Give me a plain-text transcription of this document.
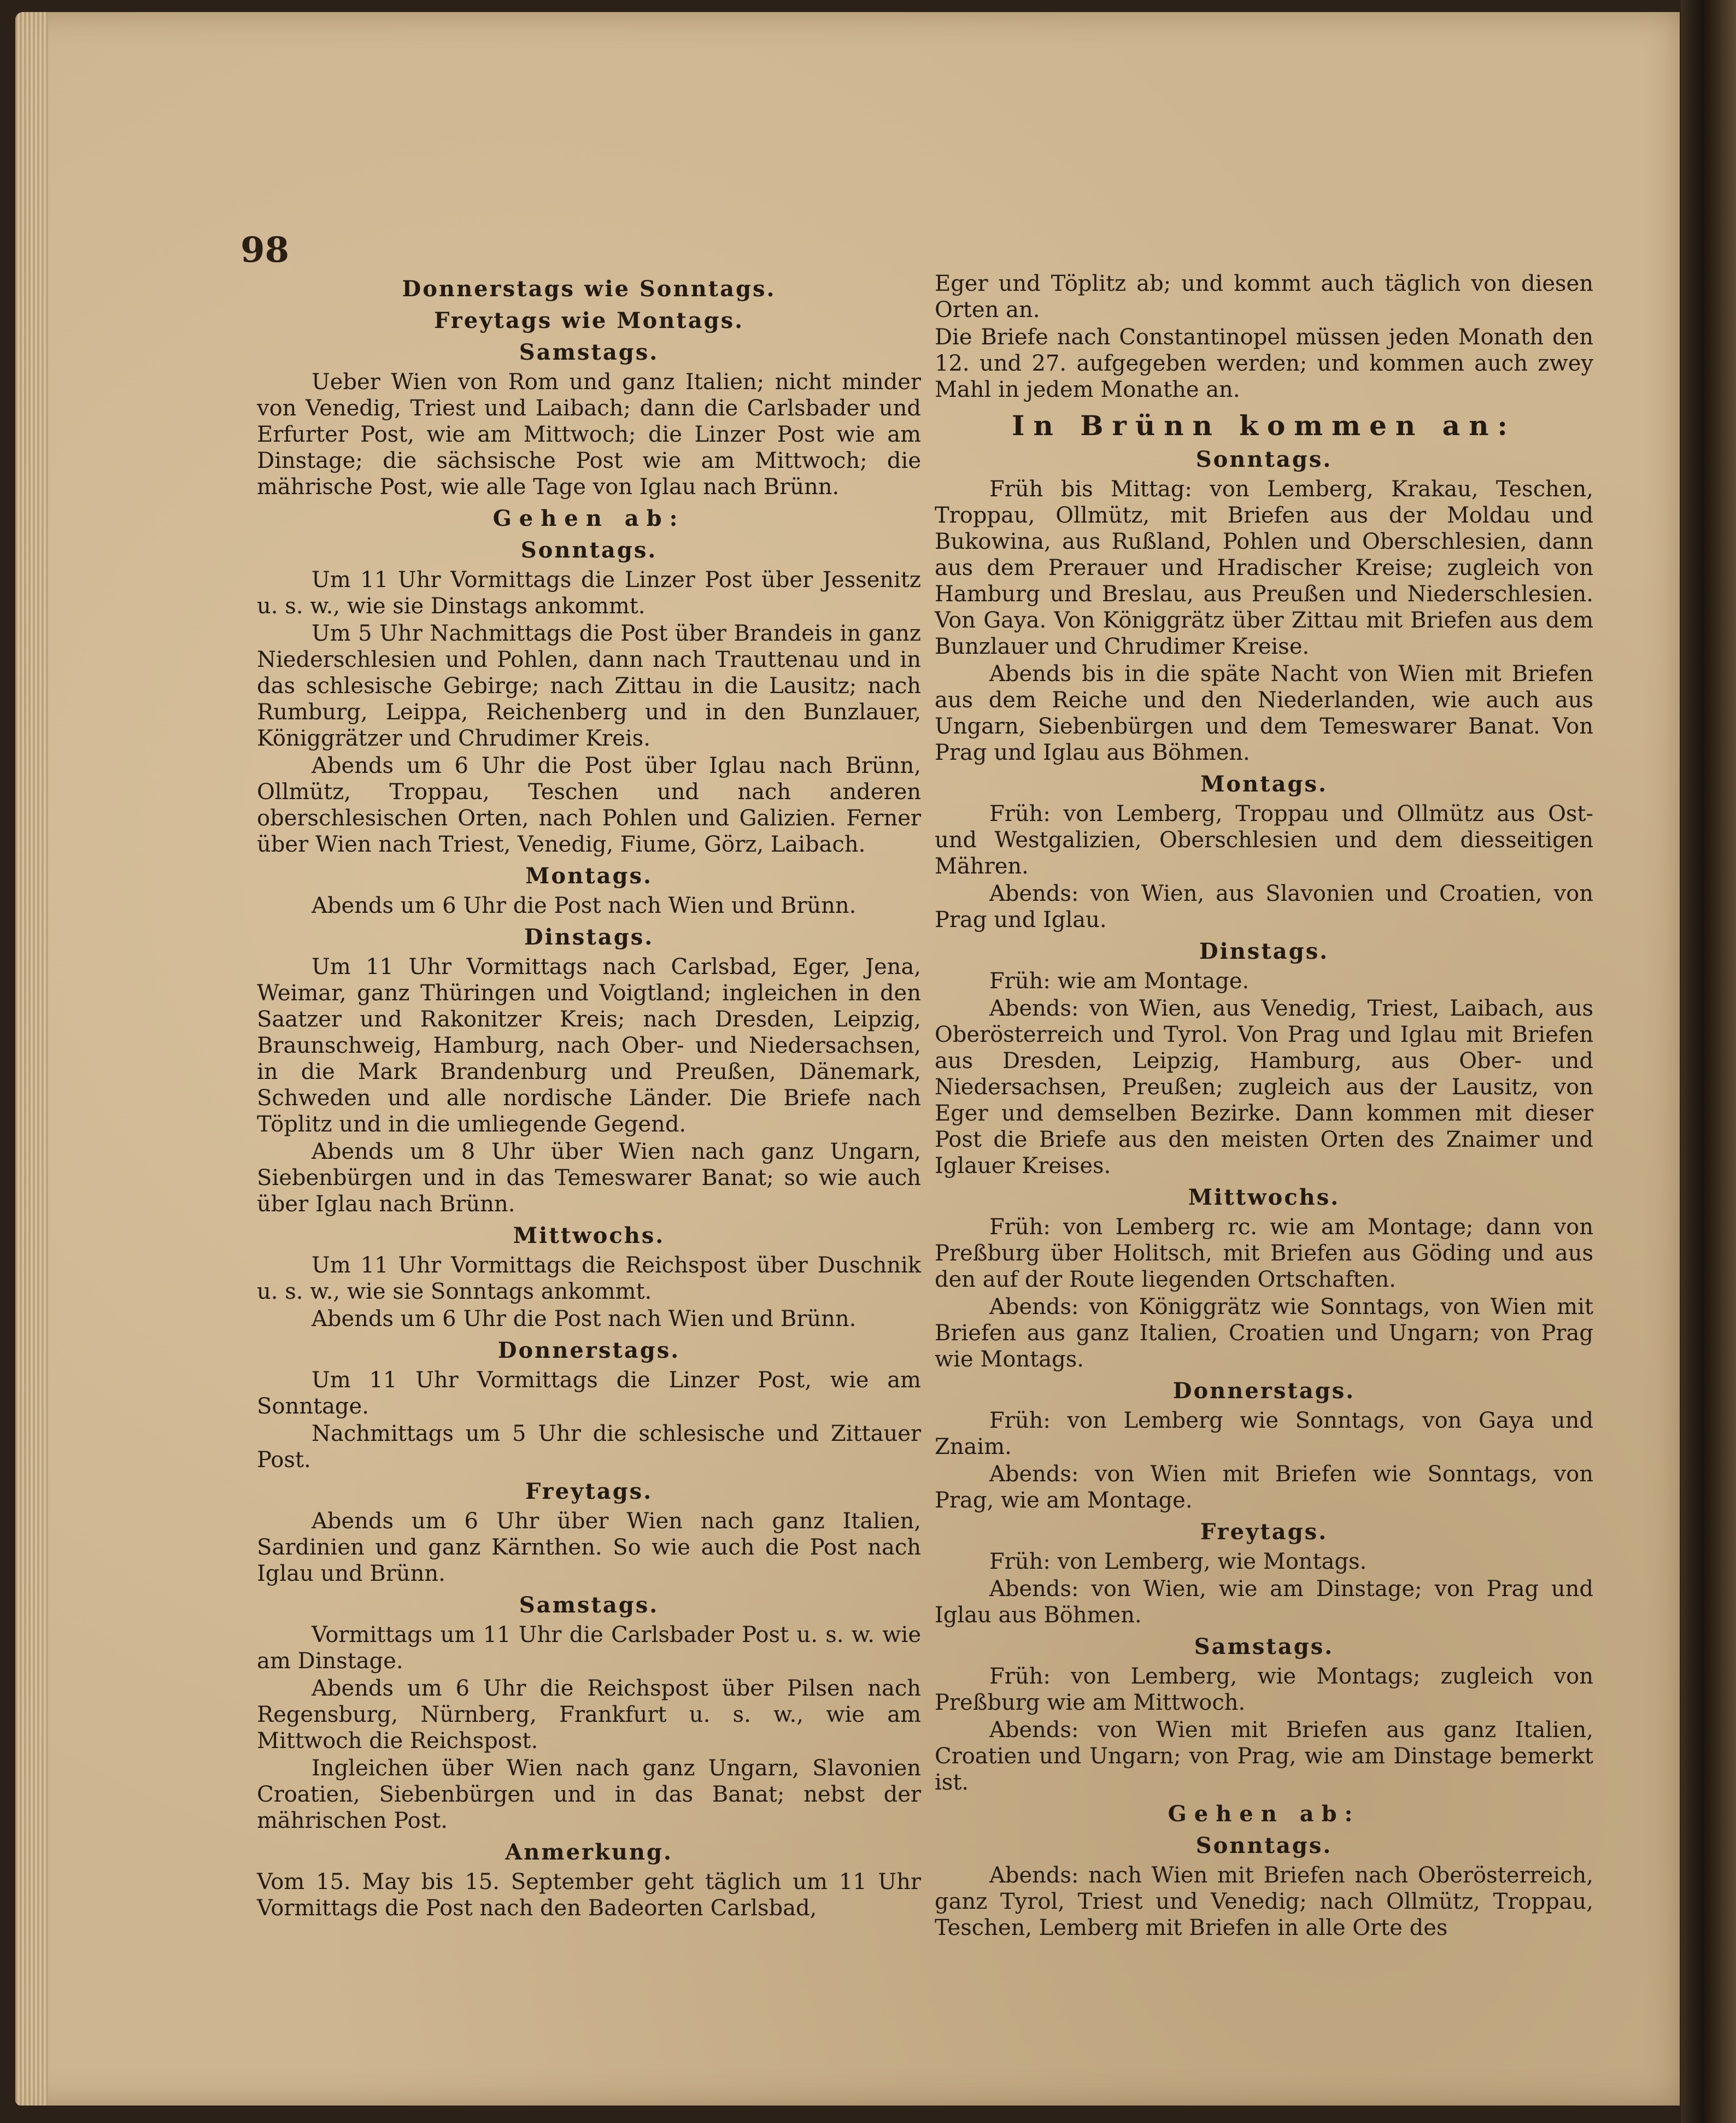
98
Donnerstags wie Sonntags.
Freytags wie Montags.
Samstags.
Ueber Wien von Rom und ganz Italien; nicht minder von Venedig, Triest und Laibach; dann die Carlsbader und Erfurter Post, wie am Mittwoch; die Linzer Post wie am Dinstage; die sächsische Post wie am Mittwoch; die mährische Post, wie alle Tage von Iglau nach Brünn.
Gehen ab:
Sonntags.
Um 11 Uhr Vormittags die Linzer Post über Jessenitz u. s. w., wie sie Dinstags ankommt.
Um 5 Uhr Nachmittags die Post über Brandeis in ganz Niederschlesien und Pohlen, dann nach Trauttenau und in das schlesische Gebirge; nach Zittau in die Lausitz; nach Rumburg, Leippa, Reichenberg und in den Bunzlauer, Königgrätzer und Chrudimer Kreis.
Abends um 6 Uhr die Post über Iglau nach Brünn, Ollmütz, Troppau, Teschen und nach anderen oberschlesischen Orten, nach Pohlen und Galizien. Ferner über Wien nach Triest, Venedig, Fiume, Görz, Laibach.
Montags.
Abends um 6 Uhr die Post nach Wien und Brünn.
Dinstags.
Um 11 Uhr Vormittags nach Carlsbad, Eger, Jena, Weimar, ganz Thüringen und Voigtland; ingleichen in den Saatzer und Rakonitzer Kreis; nach Dresden, Leipzig, Braunschweig, Hamburg, nach Ober- und Niedersachsen, in die Mark Brandenburg und Preußen, Dänemark, Schweden und alle nordische Länder. Die Briefe nach Töplitz und in die umliegende Gegend.
Abends um 8 Uhr über Wien nach ganz Ungarn, Siebenbürgen und in das Temeswarer Banat; so wie auch über Iglau nach Brünn.
Mittwochs.
Um 11 Uhr Vormittags die Reichspost über Duschnik u. s. w., wie sie Sonntags ankommt.
Abends um 6 Uhr die Post nach Wien und Brünn.
Donnerstags.
Um 11 Uhr Vormittags die Linzer Post, wie am Sonntage.
Nachmittags um 5 Uhr die schlesische und Zittauer Post.
Freytags.
Abends um 6 Uhr über Wien nach ganz Italien, Sardinien und ganz Kärnthen. So wie auch die Post nach Iglau und Brünn.
Samstags.
Vormittags um 11 Uhr die Carlsbader Post u. s. w. wie am Dinstage.
Abends um 6 Uhr die Reichspost über Pilsen nach Regensburg, Nürnberg, Frankfurt u. s. w., wie am Mittwoch die Reichspost.
Ingleichen über Wien nach ganz Ungarn, Slavonien Croatien, Siebenbürgen und in das Banat; nebst der mährischen Post.
Anmerkung.
Vom 15. May bis 15. September geht täglich um 11 Uhr Vormittags die Post nach den Badeorten Carlsbad,
Eger und Töplitz ab; und kommt auch täglich von diesen Orten an.
Die Briefe nach Constantinopel müssen jeden Monath den 12. und 27. aufgegeben werden; und kommen auch zwey Mahl in jedem Monathe an.
In Brünn kommen an:
Sonntags.
Früh bis Mittag: von Lemberg, Krakau, Teschen, Troppau, Ollmütz, mit Briefen aus der Moldau und Bukowina, aus Rußland, Pohlen und Oberschlesien, dann aus dem Prerauer und Hradischer Kreise; zugleich von Hamburg und Breslau, aus Preußen und Niederschlesien. Von Gaya. Von Königgrätz über Zittau mit Briefen aus dem Bunzlauer und Chrudimer Kreise.
Abends bis in die späte Nacht von Wien mit Briefen aus dem Reiche und den Niederlanden, wie auch aus Ungarn, Siebenbürgen und dem Temeswarer Banat. Von Prag und Iglau aus Böhmen.
Montags.
Früh: von Lemberg, Troppau und Ollmütz aus Ost- und Westgalizien, Oberschlesien und dem diesseitigen Mähren.
Abends: von Wien, aus Slavonien und Croatien, von Prag und Iglau.
Dinstags.
Früh: wie am Montage.
Abends: von Wien, aus Venedig, Triest, Laibach, aus Oberösterreich und Tyrol. Von Prag und Iglau mit Briefen aus Dresden, Leipzig, Hamburg, aus Ober- und Niedersachsen, Preußen; zugleich aus der Lausitz, von Eger und demselben Bezirke. Dann kommen mit dieser Post die Briefe aus den meisten Orten des Znaimer und Iglauer Kreises.
Mittwochs.
Früh: von Lemberg rc. wie am Montage; dann von Preßburg über Holitsch, mit Briefen aus Göding und aus den auf der Route liegenden Ortschaften.
Abends: von Königgrätz wie Sonntags, von Wien mit Briefen aus ganz Italien, Croatien und Ungarn; von Prag wie Montags.
Donnerstags.
Früh: von Lemberg wie Sonntags, von Gaya und Znaim.
Abends: von Wien mit Briefen wie Sonntags, von Prag, wie am Montage.
Freytags.
Früh: von Lemberg, wie Montags.
Abends: von Wien, wie am Dinstage; von Prag und Iglau aus Böhmen.
Samstags.
Früh: von Lemberg, wie Montags; zugleich von Preßburg wie am Mittwoch.
Abends: von Wien mit Briefen aus ganz Italien, Croatien und Ungarn; von Prag, wie am Dinstage bemerkt ist.
Gehen ab:
Sonntags.
Abends: nach Wien mit Briefen nach Oberösterreich, ganz Tyrol, Triest und Venedig; nach Ollmütz, Troppau, Teschen, Lemberg mit Briefen in alle Orte des
